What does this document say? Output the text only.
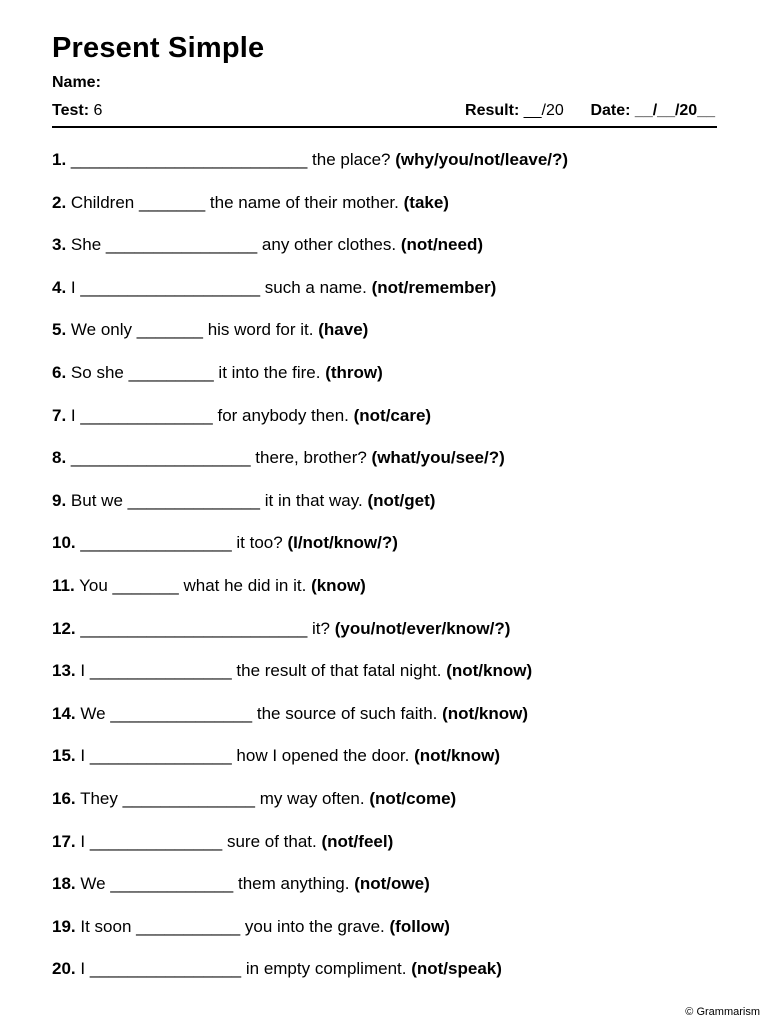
Present Simple
Name:
Test: 6	Result: __/20 Date: __/__/20__
1. _________________________ the place? (why/you/not/leave/?)
2. Children _______ the name of their mother. (take)
3. She ________________ any other clothes. (not/need)
4. I ___________________ such a name. (not/remember)
5. We only _______ his word for it. (have)
6. So she _________ it into the fire. (throw)
7. I ______________ for anybody then. (not/care)
8. ___________________ there, brother? (what/you/see/?)
9. But we ______________ it in that way. (not/get)
10. ________________ it too? (I/not/know/?)
11. You _______ what he did in it. (know)
12. ________________________ it? (you/not/ever/know/?)
13. I _______________ the result of that fatal night. (not/know)
14. We _______________ the source of such faith. (not/know)
15. I _______________ how I opened the door. (not/know)
16. They ______________ my way often. (not/come)
17. I ______________ sure of that. (not/feel)
18. We _____________ them anything. (not/owe)
19. It soon ___________ you into the grave. (follow)
20. I ________________ in empty compliment. (not/speak)
© Grammarism
